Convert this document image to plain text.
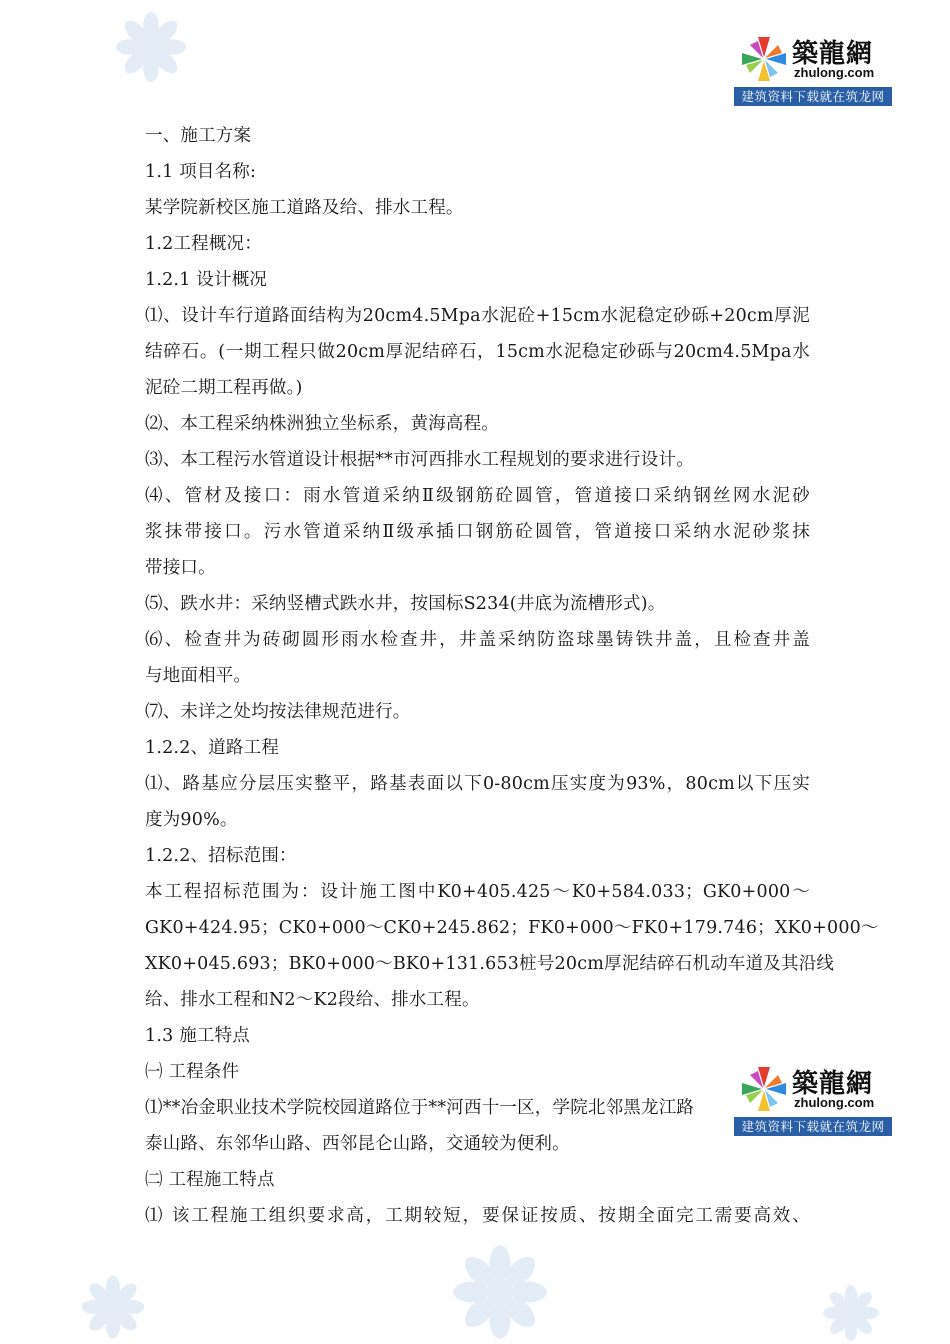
一、施工方案
1.1 项目名称:
某学院新校区施工道路及给、排水工程。
1.2工程概况：
1.2.1 设计概况
⑴、设计车行道路面结构为20cm4.5Mpa水泥砼+15cm水泥稳定砂砾+20cm厚泥
结碎石。(一期工程只做20cm厚泥结碎石，15cm水泥稳定砂砾与20cm4.5Mpa水
泥砼二期工程再做。)
⑵、本工程采纳株洲独立坐标系，黄海高程。
⑶、本工程污水管道设计根据**市河西排水工程规划的要求进行设计。
⑷、管材及接口：雨水管道采纳Ⅱ级钢筋砼圆管，管道接口采纳钢丝网水泥砂
浆抹带接口。污水管道采纳Ⅱ级承插口钢筋砼圆管，管道接口采纳水泥砂浆抹
带接口。
⑸、跌水井：采纳竖槽式跌水井，按国标S234(井底为流槽形式)。
⑹、检查井为砖砌圆形雨水检查井，井盖采纳防盗球墨铸铁井盖，且检查井盖
与地面相平。
⑺、未详之处均按法律规范进行。
1.2.2、道路工程
⑴、路基应分层压实整平，路基表面以下0-80cm压实度为93%，80cm以下压实
度为90%。
1.2.2、招标范围：
本工程招标范围为：设计施工图中K0+405.425～K0+584.033；GK0+000～
GK0+424.95；CK0+000～CK0+245.862；FK0+000～FK0+179.746；XK0+000～
XK0+045.693；BK0+000～BK0+131.653桩号20cm厚泥结碎石机动车道及其沿线
给、排水工程和N2～K2段给、排水工程。
1.3 施工特点
㈠ 工程条件
⑴**冶金职业技术学院校园道路位于**河西十一区，学院北邻黑龙江路
泰山路、东邻华山路、西邻昆仑山路，交通较为便利。
㈡ 工程施工特点
⑴ 该工程施工组织要求高，工期较短，要保证按质、按期全面完工需要高效、
築龍網
zhulong.com
建筑资料下载就在筑龙网
築龍網
zhulong.com
建筑资料下载就在筑龙网
